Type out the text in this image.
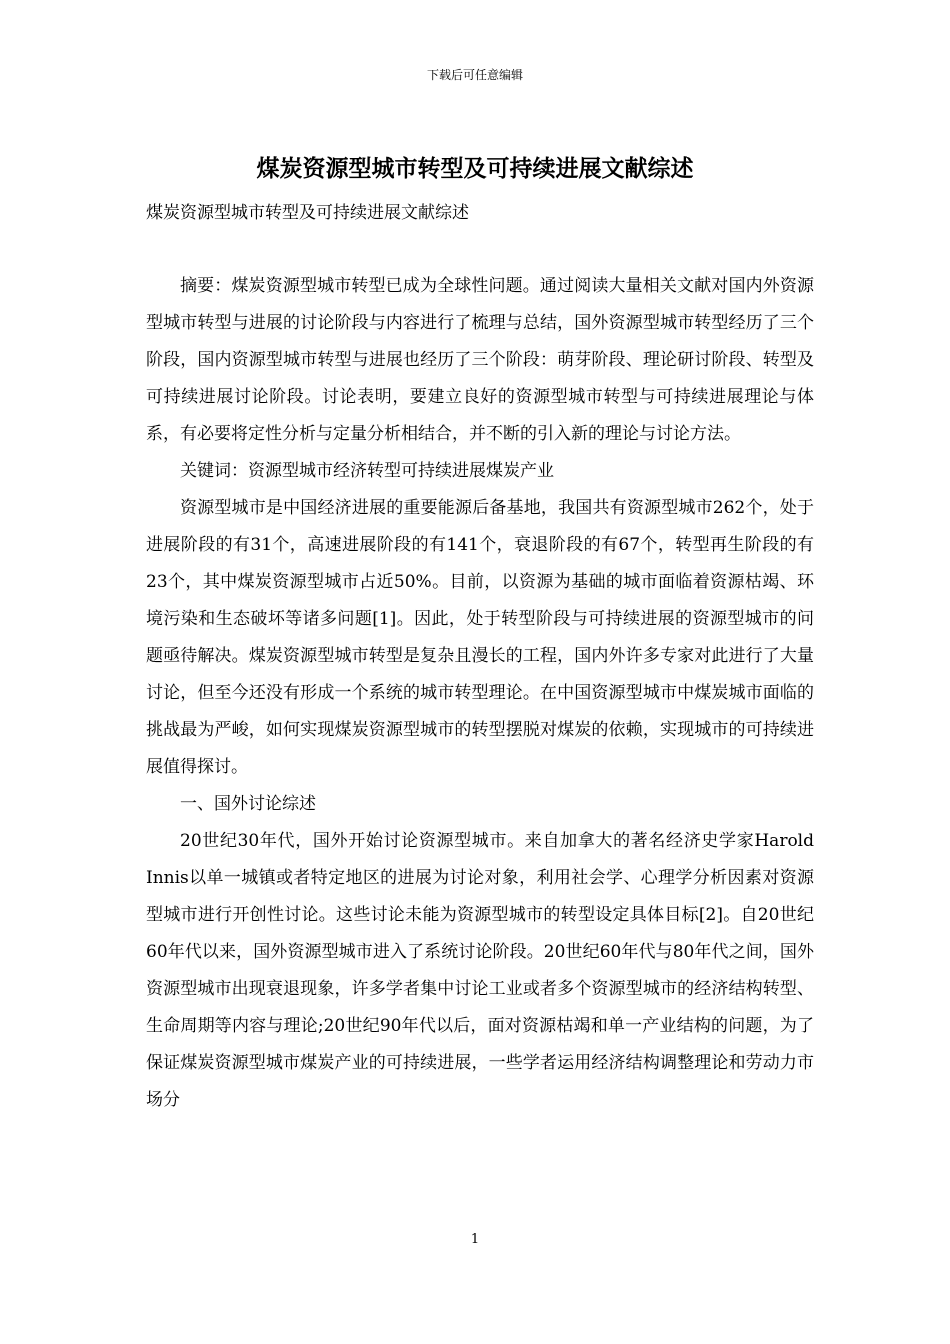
下载后可任意编辑
煤炭资源型城市转型及可持续进展文献综述
煤炭资源型城市转型及可持续进展文献综述

摘要：煤炭资源型城市转型已成为全球性问题。通过阅读大量相关文献对国内外资源型城市转型与进展的讨论阶段与内容进行了梳理与总结，国外资源型城市转型经历了三个阶段，国内资源型城市转型与进展也经历了三个阶段：萌芽阶段、理论研讨阶段、转型及可持续进展讨论阶段。讨论表明，要建立良好的资源型城市转型与可持续进展理论与体系，有必要将定性分析与定量分析相结合，并不断的引入新的理论与讨论方法。

关键词：资源型城市经济转型可持续进展煤炭产业

资源型城市是中国经济进展的重要能源后备基地，我国共有资源型城市262个，处于进展阶段的有31个，高速进展阶段的有141个，衰退阶段的有67个，转型再生阶段的有23个，其中煤炭资源型城市占近50%。目前，以资源为基础的城市面临着资源枯竭、环境污染和生态破坏等诸多问题[1]。因此，处于转型阶段与可持续进展的资源型城市的问题亟待解决。煤炭资源型城市转型是复杂且漫长的工程，国内外许多专家对此进行了大量讨论，但至今还没有形成一个系统的城市转型理论。在中国资源型城市中煤炭城市面临的挑战最为严峻，如何实现煤炭资源型城市的转型摆脱对煤炭的依赖，实现城市的可持续进展值得探讨。

一、国外讨论综述

20世纪30年代，国外开始讨论资源型城市。来自加拿大的著名经济史学家Harold Innis以单一城镇或者特定地区的进展为讨论对象，利用社会学、心理学分析因素对资源型城市进行开创性讨论。这些讨论未能为资源型城市的转型设定具体目标[2]。自20世纪60年代以来，国外资源型城市进入了系统讨论阶段。20世纪60年代与80年代之间，国外资源型城市出现衰退现象，许多学者集中讨论工业或者多个资源型城市的经济结构转型、生命周期等内容与理论;20世纪90年代以后，面对资源枯竭和单一产业结构的问题，为了保证煤炭资源型城市煤炭产业的可持续进展，一些学者运用经济结构调整理论和劳动力市场分

1
